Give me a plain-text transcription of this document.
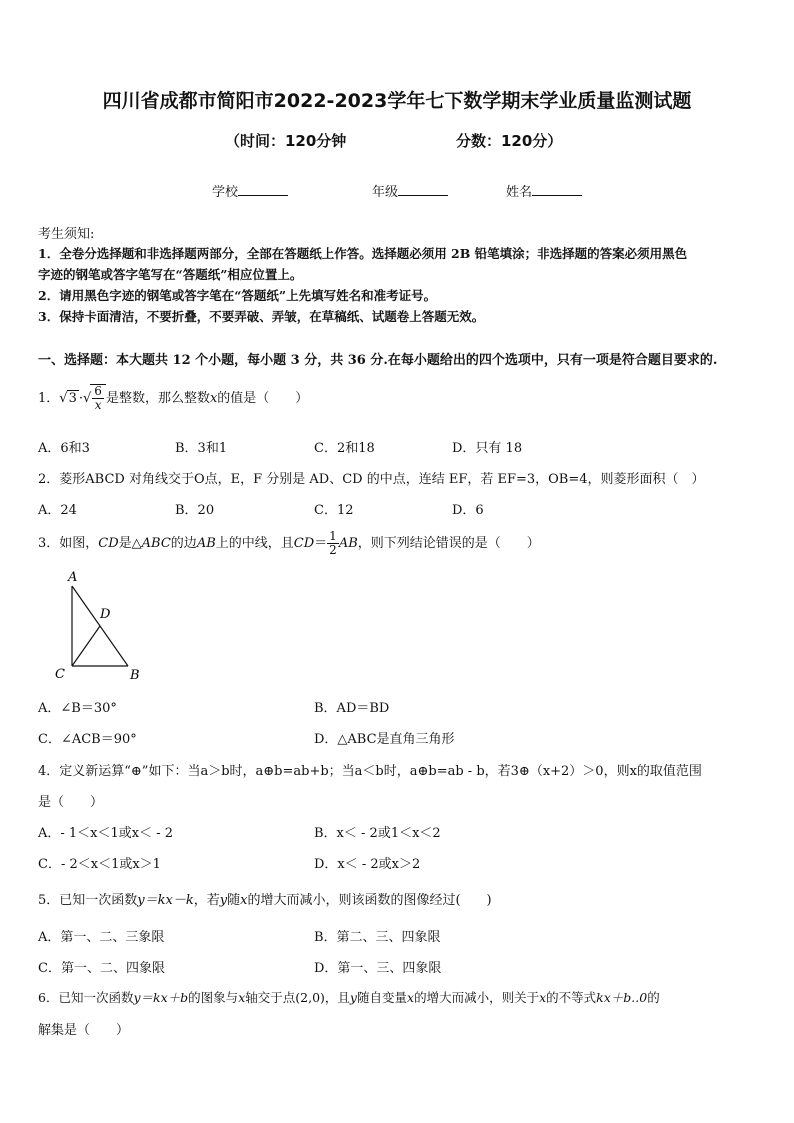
四川省成都市简阳市2022-2023学年七下数学期末学业质量监测试题
（时间：120分钟	分数：120分）
学校	年级	姓名
考生须知:
1．全卷分选择题和非选择题两部分，全部在答题纸上作答。选择题必须用 2B 铅笔填涂；非选择题的答案必须用黑色
字迹的钢笔或答字笔写在“答题纸”相应位置上。
2．请用黑色字迹的钢笔或答字笔在“答题纸”上先填写姓名和准考证号。
3．保持卡面清洁，不要折叠，不要弄破、弄皱，在草稿纸、试题卷上答题无效。
一、选择题：本大题共 12 个小题，每小题 3 分，共 36 分.在每小题给出的四个选项中，只有一项是符合题目要求的.
1．√3 ·√ $\frac{6}{x}$ 是整数，那么整数x的值是（　　）
A．6和3	B．3和1	C．2和18	D．只有 18
2．菱形ABCD 对角线交于O点，E，F 分别是 AD、CD 的中点，连结 EF，若 EF=3，OB=4，则菱形面积（　）
A．24	B．20	C．12	D．6
3．如图，CD是△ABC的边AB上的中线，且$CD= \frac{1}{2}$ AB，则下列结论错误的是（　　）
A
D
C	B
A．∠B＝30°	B．AD＝BD
C．∠ACB＝90°	D．△ABC是直角三角形
4．定义新运算“⊕”如下：当a＞b时，a⊕b=ab+b；当a＜b时，a⊕b=ab - b，若3⊕（x+2）＞0，则x的取值范围
是（　　）
A．- 1＜x＜1或x＜ - 2	B．x＜ - 2或1＜x＜2
C．- 2＜x＜1或x＞1	D．x＜ - 2或x＞2
5．已知一次函数y＝kx－k，若y随x的增大而减小，则该函数的图像经过(　　)
A．第一、二、三象限	B．第二、三、四象限
C．第一、二、四象限	D．第一、三、四象限
6．已知一次函数y＝kx＋b的图象与x轴交于点(2,0)，且y随自变量x的增大而减小，则关于x的不等式kx＋b..0的
解集是（　　）
